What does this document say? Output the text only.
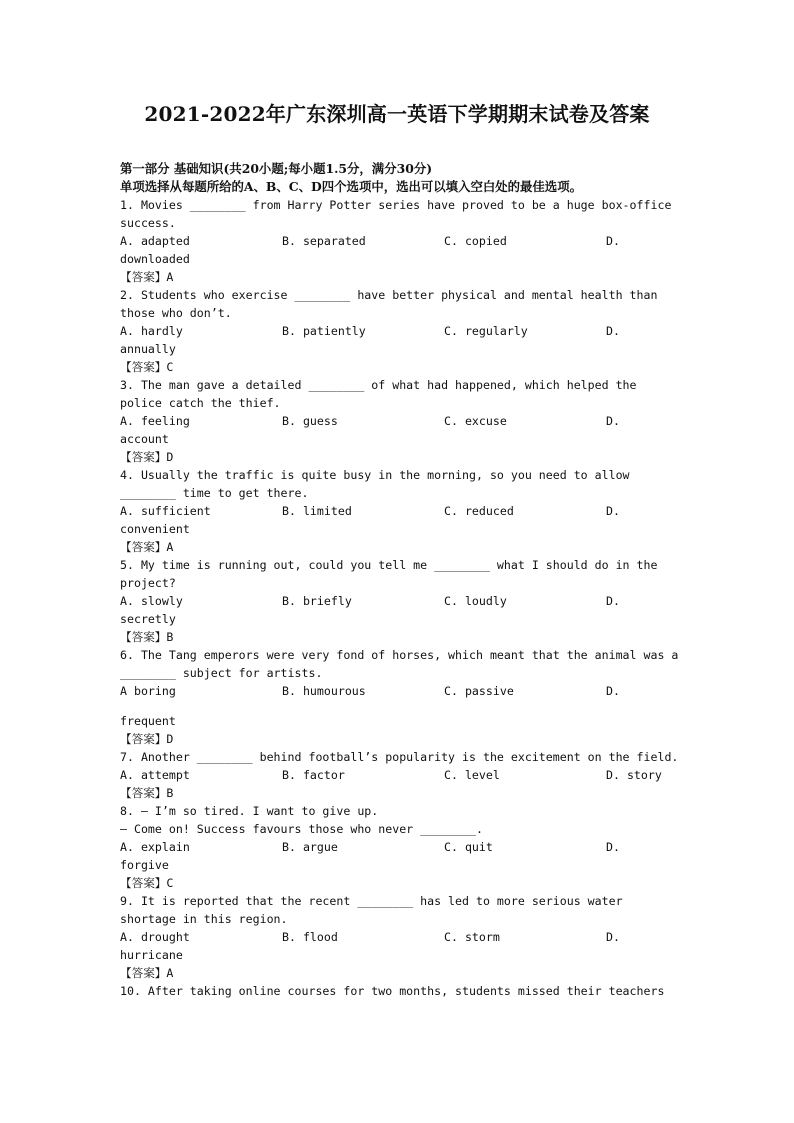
2021-2022年广东深圳高一英语下学期期末试卷及答案
第一部分 基础知识(共20小题;每小题1.5分，满分30分)
单项选择从每题所给的A、B、C、D四个选项中，选出可以填入空白处的最佳选项。
1. Movies ________ from Harry Potter series have proved to be a huge box-office success.
A. adapted	B. separated	C. copied	D.
downloaded
【答案】A
2. Students who exercise ________ have better physical and mental health than those who don’t.
A. hardly	B. patiently	C. regularly	D.
annually
【答案】C
3. The man gave a detailed ________ of what had happened, which helped the police catch the thief.
A. feeling	B. guess	C. excuse	D.
account
【答案】D
4. Usually the traffic is quite busy in the morning, so you need to allow ________ time to get there.
A. sufficient	B. limited	C. reduced	D.
convenient
【答案】A
5. My time is running out, could you tell me ________ what I should do in the project?
A. slowly	B. briefly	C. loudly	D.
secretly
【答案】B
6. The Tang emperors were very fond of horses, which meant that the animal was a ________ subject for artists.
A boring	B. humourous	C. passive	D.
frequent
【答案】D
7. Another ________ behind football’s popularity is the excitement on the field.
A. attempt	B. factor	C. level	D. story
【答案】B
8. — I’m so tired. I want to give up.
— Come on! Success favours those who never ________.
A. explain	B. argue	C. quit	D.
forgive
【答案】C
9. It is reported that the recent ________ has led to more serious water shortage in this region.
A. drought	B. flood	C. storm	D.
hurricane
【答案】A
10. After taking online courses for two months, students missed their teachers
